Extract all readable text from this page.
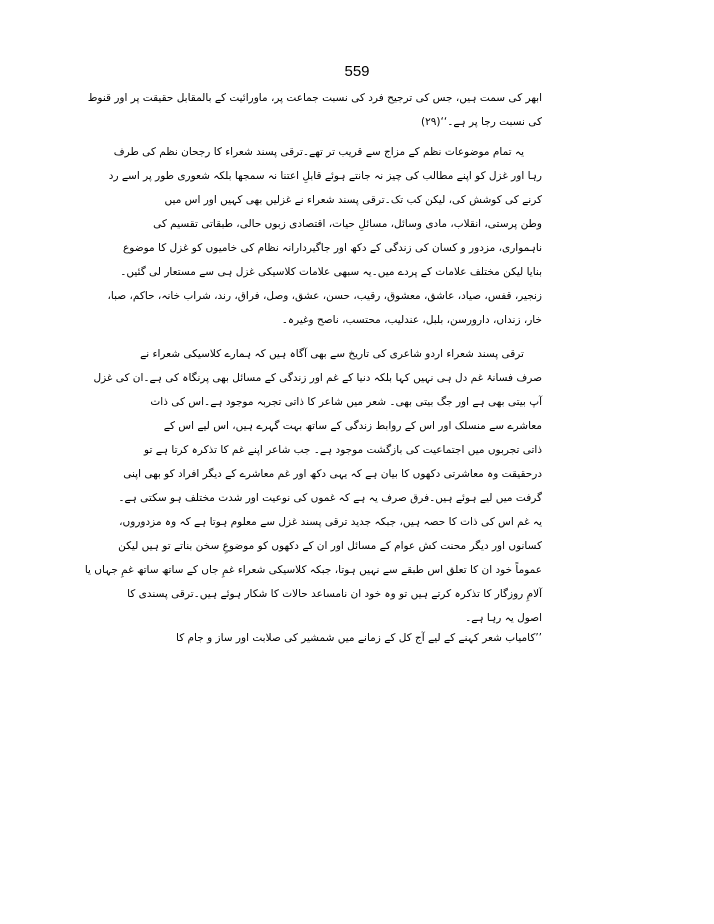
559
ابھر کی سمت ہیں، جس کی ترجیح فرد کی نسبت جماعت پر، ماورائیت کے بالمقابل حقیقت پر اور قنوط
کی نسبت رجا پر ہے۔‘‘(۲۹)
یہ تمام موضوعات نظم کے مزاج سے قریب تر تھے۔ترقی پسند شعراء کا رجحان نظم کی طرف
رہا اور غزل کو اپنے مطالب کی چیز نہ جانتے ہوئے قابلِ اعتنا نہ سمجھا بلکہ شعوری طور پر اسے رد
کرنے کی کوشش کی، لیکن کب تک۔ترقی پسند شعراء نے غزلیں بھی کہیں اور اس میں
وطن پرستی، انقلاب، مادی وسائل، مسائلِ حیات، اقتصادی زبوں حالی، طبقاتی تقسیم کی
ناہمواری، مزدور و کسان کی زندگی کے دکھ اور جاگیردارانہ نظام کی خامیوں کو غزل کا موضوع
بنایا لیکن مختلف علامات کے پردے میں۔یہ سبھی علامات کلاسیکی غزل ہی سے مستعار لی گئیں۔
زنجیر، قفس، صیاد، عاشق، معشوق، رقیب، حسن، عشق، وصل، فراق، رند، شراب خانہ، حاکم، صبا،
خار، زنداں، دارورسن، بلبل، عندلیب، محتسب، ناصح وغیرہ۔
ترقی پسند شعراء اردو شاعری کی تاریخ سے بھی آگاہ ہیں کہ ہمارے کلاسیکی شعراء نے
صرف فسانۂ غم دل ہی نہیں کہا بلکہ دنیا کے غم اور زندگی کے مسائل بھی پرنگاہ کی ہے۔ان کی غزل
آپ بیتی بھی ہے اور جگ بیتی بھی۔ شعر میں شاعر کا ذاتی تجربہ موجود ہے۔اس کی ذات
معاشرے سے منسلک اور اس کے روابط زندگی کے ساتھ بہت گہرے ہیں، اس لیے اس کے
ذاتی تجربوں میں اجتماعیت کی بازگشت موجود ہے۔ جب شاعر اپنے غم کا تذکرہ کرتا ہے تو
درحقیقت وہ معاشرتی دکھوں کا بیان ہے کہ یہی دکھ اور غم معاشرے کے دیگر افراد کو بھی اپنی
گرفت میں لیے ہوئے ہیں۔فرق صرف یہ ہے کہ غموں کی نوعیت اور شدت مختلف ہو سکتی ہے۔
یہ غم اس کی ذات کا حصہ ہیں، جبکہ جدید ترقی پسند غزل سے معلوم ہوتا ہے کہ وہ مزدوروں،
کسانوں اور دیگر محنت کش عوام کے مسائل اور ان کے دکھوں کو موضوعِ سخن بناتے تو ہیں لیکن
عموماً خود ان کا تعلق اس طبقے سے نہیں ہوتا، جبکہ کلاسیکی شعراء غمِ جاں کے ساتھ ساتھ غمِ جہاں یا
آلامِ روزگار کا تذکرہ کرتے ہیں تو وہ خود ان نامساعد حالات کا شکار ہوئے ہیں۔ترقی پسندی کا
اصول یہ رہا ہے۔
’’کامیاب شعر کہنے کے لیے آج کل کے زمانے میں شمشیر کی صلابت اور ساز و جام کا
